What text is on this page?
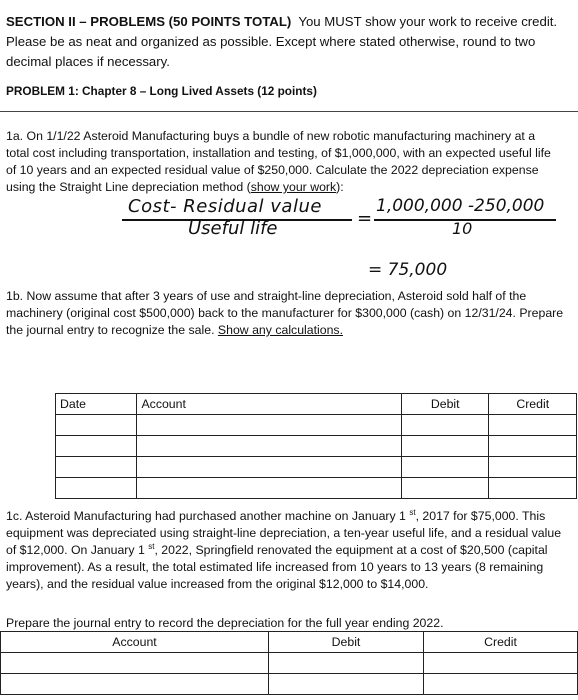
SECTION II – PROBLEMS (50 POINTS TOTAL) You MUST show your work to receive credit. Please be as neat and organized as possible. Except where stated otherwise, round to two decimal places if necessary.
PROBLEM 1: Chapter 8 – Long Lived Assets (12 points)
1a. On 1/1/22 Asteroid Manufacturing buys a bundle of new robotic manufacturing machinery at a
total cost including transportation, installation and testing, of $1,000,000, with an expected useful life
of 10 years and an expected residual value of $250,000. Calculate the 2022 depreciation expense
using the Straight Line depreciation method (show your work):
Cost- Residual value
Useful life	=
1,000,000 -250,000
10
= 75,000
1b. Now assume that after 3 years of use and straight-line depreciation, Asteroid sold half of the machinery (original cost $500,000) back to the manufacturer for $300,000 (cash) on 12/31/24. Prepare the journal entry to recognize the sale. Show any calculations.
Date	Account	Debit	Credit

1c. Asteroid Manufacturing had purchased another machine on January 1 $^{st}$, 2017 for $75,000. This equipment was depreciated using straight-line depreciation, a ten-year useful life, and a residual value of $12,000. On January 1 $^{st}$, 2022, Springfield renovated the equipment at a cost of $20,500 (capital improvement). As a result, the total estimated life increased from 10 years to 13 years (8 remaining years), and the residual value increased from the original $12,000 to $14,000.
Prepare the journal entry to record the depreciation for the full year ending 2022.
Account	Debit	Credit
